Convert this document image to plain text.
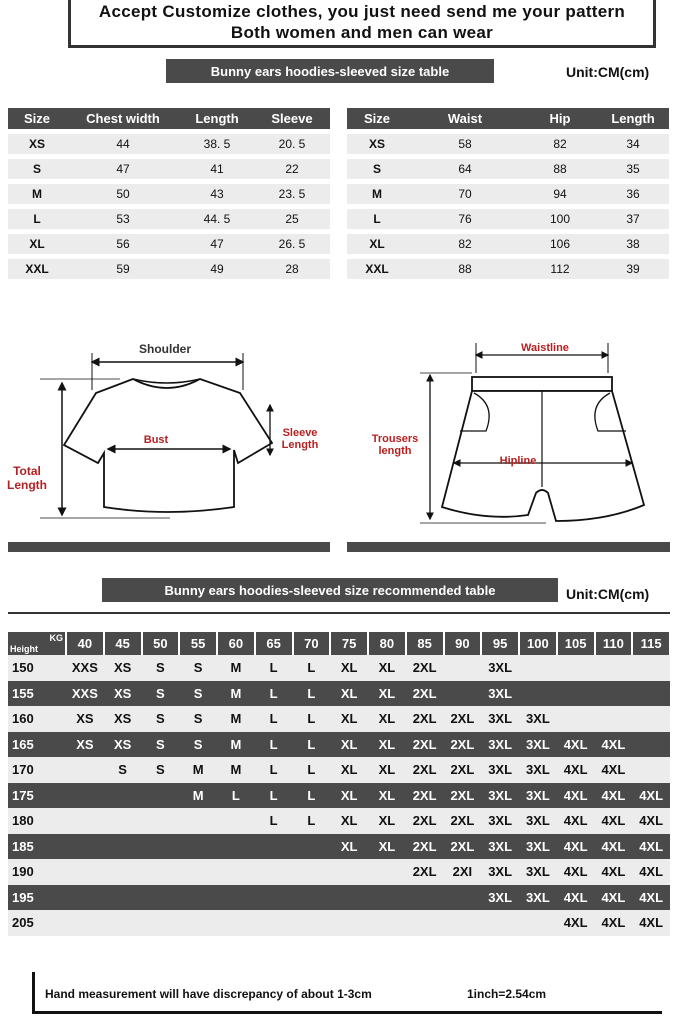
Accept Customize clothes, you just need send me your pattern
Both women and men can wear
Bunny ears hoodies-sleeved size table	Unit:CM(cm)
Size	Chest width	Length	Sleeve
XS	44	38. 5	20. 5
S	47	41	22
M	50	43	23. 5
L	53	44. 5	25
XL	56	47	26. 5
XXL	59	49	28
Size	Waist	Hip	Length
XS	58	82	34
S	64	88	35
M	70	94	36
L	76	100	37
XL	82	106	38
XXL	88	112	39
Shoulder
Bust
Sleeve
Length
Total
Length
Waistline
Trousers
length
Hipline
Bunny ears hoodies-sleeved size recommended table	Unit:CM(cm)
KG
Height	40	45	50	55	60	65	70	75	80	85	90	95	100	105	110	115
150	XXS	XS	S	S	M	L	L	XL	XL	2XL		3XL				
155	XXS	XS	S	S	M	L	L	XL	XL	2XL		3XL				
160	XS	XS	S	S	M	L	L	XL	XL	2XL	2XL	3XL	3XL			
165	XS	XS	S	S	M	L	L	XL	XL	2XL	2XL	3XL	3XL	4XL	4XL	
170		S	S	M	M	L	L	XL	XL	2XL	2XL	3XL	3XL	4XL	4XL	
175				M	L	L	L	XL	XL	2XL	2XL	3XL	3XL	4XL	4XL	4XL
180						L	L	XL	XL	2XL	2XL	3XL	3XL	4XL	4XL	4XL
185								XL	XL	2XL	2XL	3XL	3XL	4XL	4XL	4XL
190										2XL	2XI	3XL	3XL	4XL	4XL	4XL
195												3XL	3XL	4XL	4XL	4XL
205														4XL	4XL	4XL
Hand measurement will have discrepancy of about 1-3cm	1inch=2.54cm
